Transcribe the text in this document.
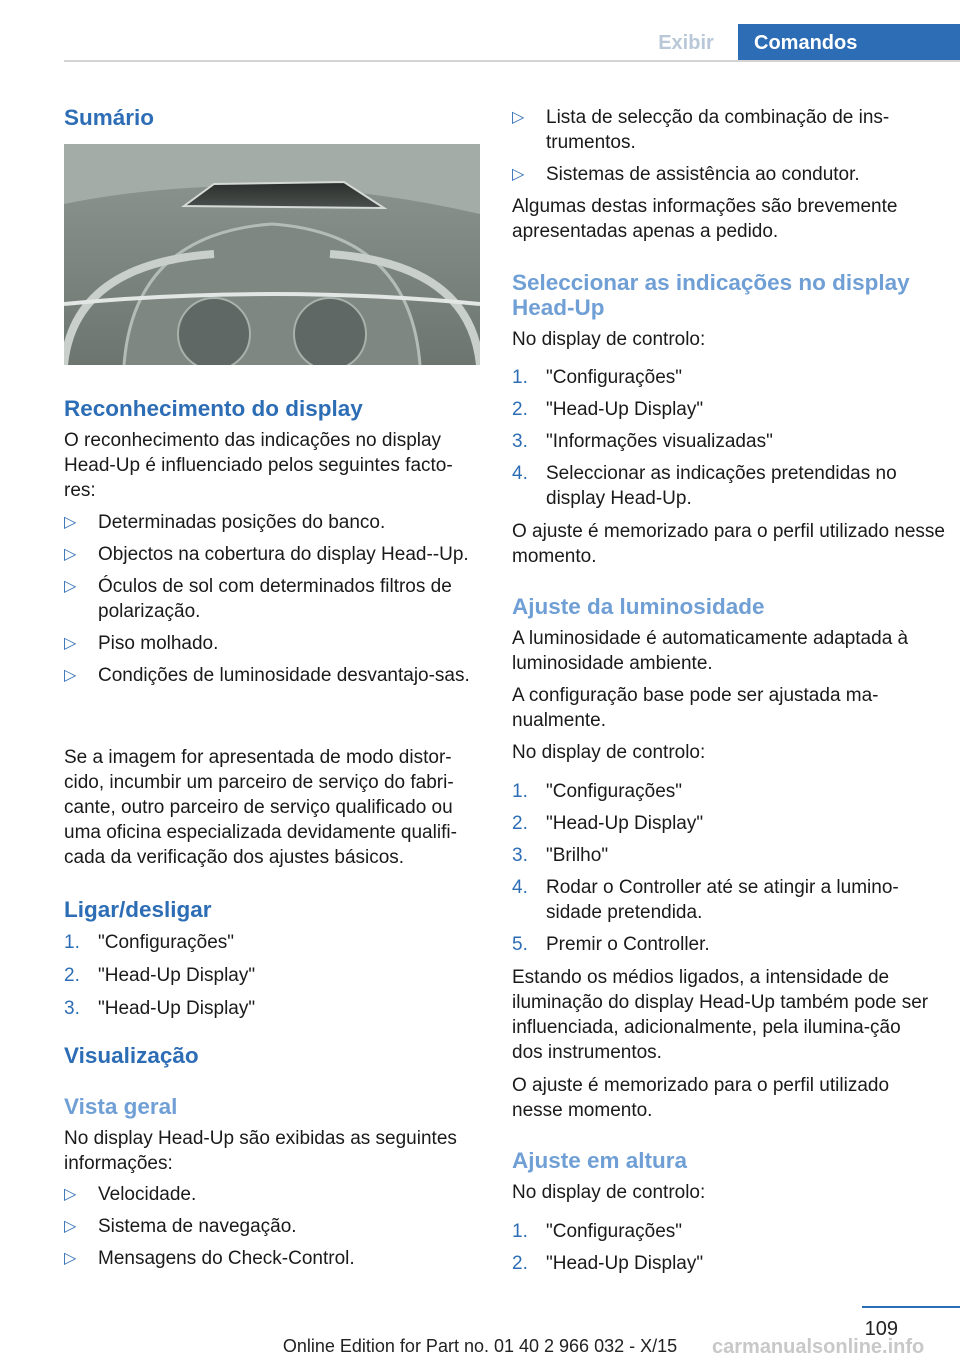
Exibir	Comandos
Sumário
Reconhecimento do display

O reconhecimento das indicações no display Head-Up é influenciado pelos seguintes facto-res:

▷ Determinadas posições do banco.
▷ Objectos na cobertura do display Head--Up.
▷ Óculos de sol com determinados filtros de polarização.
▷ Piso molhado.
▷ Condições de luminosidade desvantajo-sas.

Se a imagem for apresentada de modo distor-cido, incumbir um parceiro de serviço do fabri-cante, outro parceiro de serviço qualificado ou uma oficina especializada devidamente qualifi-cada da verificação dos ajustes básicos.

Ligar/desligar
1. "Configurações"
2. "Head-Up Display"
3. "Head-Up Display"
Visualização
Vista geral

No display Head-Up são exibidas as seguintes informações:

▷ Velocidade.
▷ Sistema de navegação.
▷ Mensagens do Check-Control.
▷ Lista de selecção da combinação de ins-trumentos.
▷ Sistemas de assistência ao condutor.

Algumas destas informações são brevemente apresentadas apenas a pedido.

Seleccionar as indicações no display Head-Up

No display de controlo:

1. "Configurações"
2. "Head-Up Display"
3. "Informações visualizadas"
4. Seleccionar as indicações pretendidas no display Head-Up.

O ajuste é memorizado para o perfil utilizado nesse momento.

Ajuste da luminosidade

A luminosidade é automaticamente adaptada à luminosidade ambiente.

A configuração base pode ser ajustada ma-nualmente.

No display de controlo:

1. "Configurações"
2. "Head-Up Display"
3. "Brilho"
4. Rodar o Controller até se atingir a lumino-sidade pretendida.
5. Premir o Controller.

Estando os médios ligados, a intensidade de iluminação do display Head-Up também pode ser influenciada, adicionalmente, pela ilumina-ção dos instrumentos.

O ajuste é memorizado para o perfil utilizado nesse momento.

Ajuste em altura

No display de controlo:

1. "Configurações"
2. "Head-Up Display"
109
Online Edition for Part no. 01 40 2 966 032 - X/15	carmanualsonline.info
